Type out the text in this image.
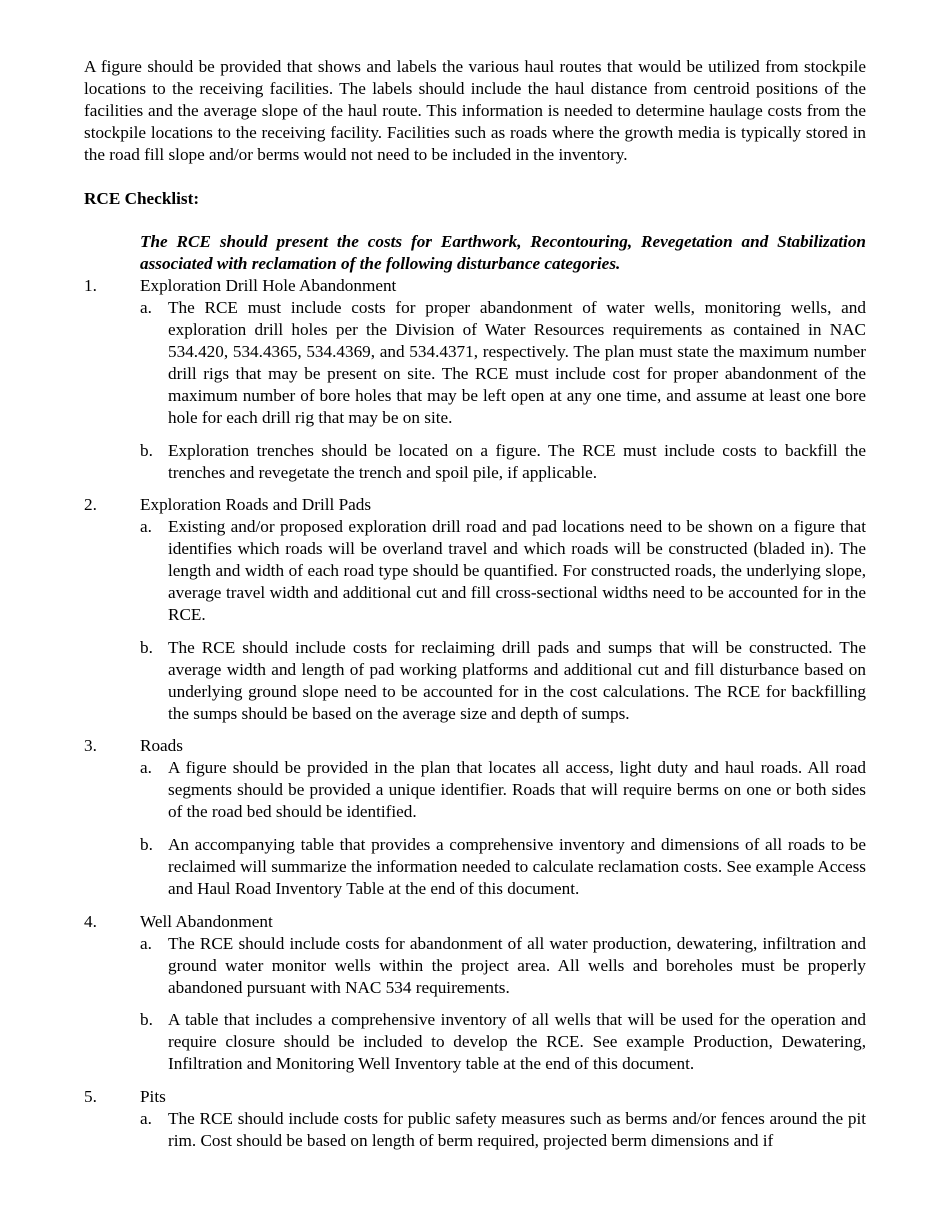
A figure should be provided that shows and labels the various haul routes that would be utilized from stockpile locations to the receiving facilities. The labels should include the haul distance from centroid positions of the facilities and the average slope of the haul route. This information is needed to determine haulage costs from the stockpile locations to the receiving facility. Facilities such as roads where the growth media is typically stored in the road fill slope and/or berms would not need to be included in the inventory.

RCE Checklist:
The RCE should present the costs for Earthwork, Recontouring, Revegetation and Stabilization associated with reclamation of the following disturbance categories.
1.	Exploration Drill Hole Abandonment
a. The RCE must include costs for proper abandonment of water wells, monitoring wells, and exploration drill holes per the Division of Water Resources requirements as contained in NAC 534.420, 534.4365, 534.4369, and 534.4371, respectively. The plan must state the maximum number drill rigs that may be present on site. The RCE must include cost for proper abandonment of the maximum number of bore holes that may be left open at any one time, and assume at least one bore hole for each drill rig that may be on site.
b. Exploration trenches should be located on a figure. The RCE must include costs to backfill the trenches and revegetate the trench and spoil pile, if applicable.
2.	Exploration Roads and Drill Pads
a. Existing and/or proposed exploration drill road and pad locations need to be shown on a figure that identifies which roads will be overland travel and which roads will be constructed (bladed in). The length and width of each road type should be quantified. For constructed roads, the underlying slope, average travel width and additional cut and fill cross-sectional widths need to be accounted for in the RCE.
b. The RCE should include costs for reclaiming drill pads and sumps that will be constructed. The average width and length of pad working platforms and additional cut and fill disturbance based on underlying ground slope need to be accounted for in the cost calculations. The RCE for backfilling the sumps should be based on the average size and depth of sumps.
3.	Roads
a. A figure should be provided in the plan that locates all access, light duty and haul roads. All road segments should be provided a unique identifier. Roads that will require berms on one or both sides of the road bed should be identified.
b. An accompanying table that provides a comprehensive inventory and dimensions of all roads to be reclaimed will summarize the information needed to calculate reclamation costs. See example Access and Haul Road Inventory Table at the end of this document.
4.	Well Abandonment
a. The RCE should include costs for abandonment of all water production, dewatering, infiltration and ground water monitor wells within the project area. All wells and boreholes must be properly abandoned pursuant with NAC 534 requirements.
b. A table that includes a comprehensive inventory of all wells that will be used for the operation and require closure should be included to develop the RCE. See example Production, Dewatering, Infiltration and Monitoring Well Inventory table at the end of this document.
5.	Pits
a. The RCE should include costs for public safety measures such as berms and/or fences around the pit rim. Cost should be based on length of berm required, projected berm dimensions and if
